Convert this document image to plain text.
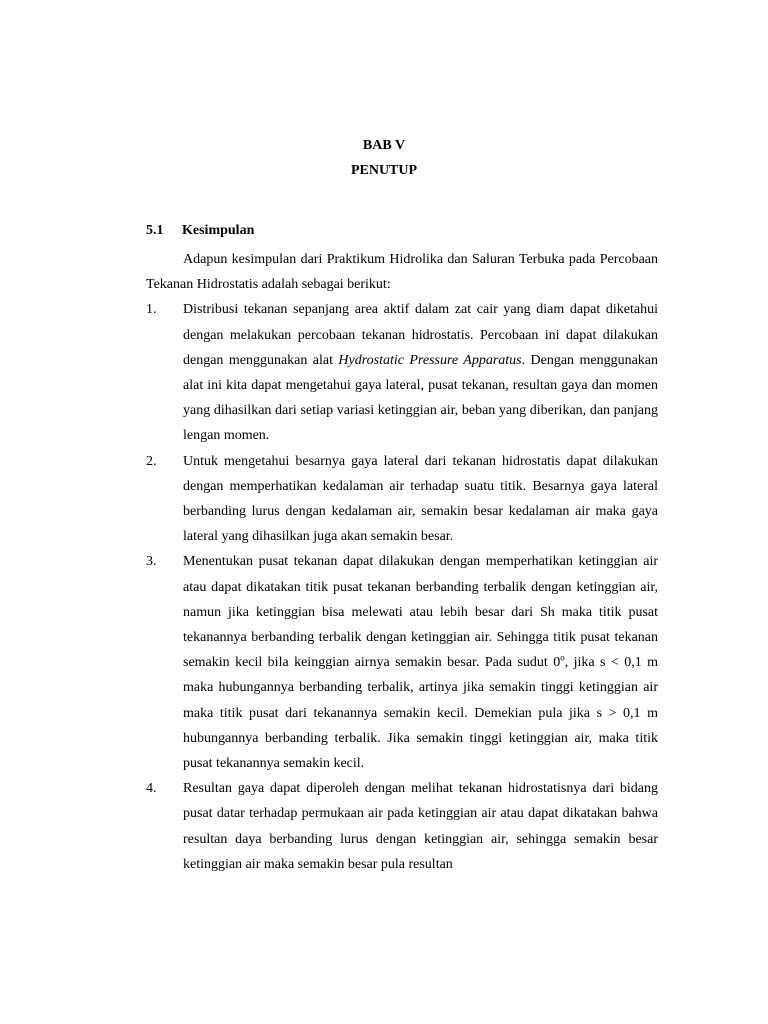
BAB V
PENUTUP
5.1 Kesimpulan

Adapun kesimpulan dari Praktikum Hidrolika dan Saluran Terbuka pada Percobaan Tekanan Hidrostatis adalah sebagai berikut:

1. Distribusi tekanan sepanjang area aktif dalam zat cair yang diam dapat diketahui dengan melakukan percobaan tekanan hidrostatis. Percobaan ini dapat dilakukan dengan menggunakan alat Hydrostatic Pressure Apparatus. Dengan menggunakan alat ini kita dapat mengetahui gaya lateral, pusat tekanan, resultan gaya dan momen yang dihasilkan dari setiap variasi ketinggian air, beban yang diberikan, dan panjang lengan momen.
2. Untuk mengetahui besarnya gaya lateral dari tekanan hidrostatis dapat dilakukan dengan memperhatikan kedalaman air terhadap suatu titik. Besarnya gaya lateral berbanding lurus dengan kedalaman air, semakin besar kedalaman air maka gaya lateral yang dihasilkan juga akan semakin besar.
3. Menentukan pusat tekanan dapat dilakukan dengan memperhatikan ketinggian air atau dapat dikatakan titik pusat tekanan berbanding terbalik dengan ketinggian air, namun jika ketinggian bisa melewati atau lebih besar dari Sh maka titik pusat tekanannya berbanding terbalik dengan ketinggian air. Sehingga titik pusat tekanan semakin kecil bila keinggian airnya semakin besar. Pada sudut 0$^o$, jika s < 0,1 m maka hubungannya berbanding terbalik, artinya jika semakin tinggi ketinggian air maka titik pusat dari tekanannya semakin kecil. Demekian pula jika s > 0,1 m hubungannya berbanding terbalik. Jika semakin tinggi ketinggian air, maka titik pusat tekanannya semakin kecil.
4. Resultan gaya dapat diperoleh dengan melihat tekanan hidrostatisnya dari bidang pusat datar terhadap permukaan air pada ketinggian air atau dapat dikatakan bahwa resultan daya berbanding lurus dengan ketinggian air, sehingga semakin besar ketinggian air maka semakin besar pula resultan
